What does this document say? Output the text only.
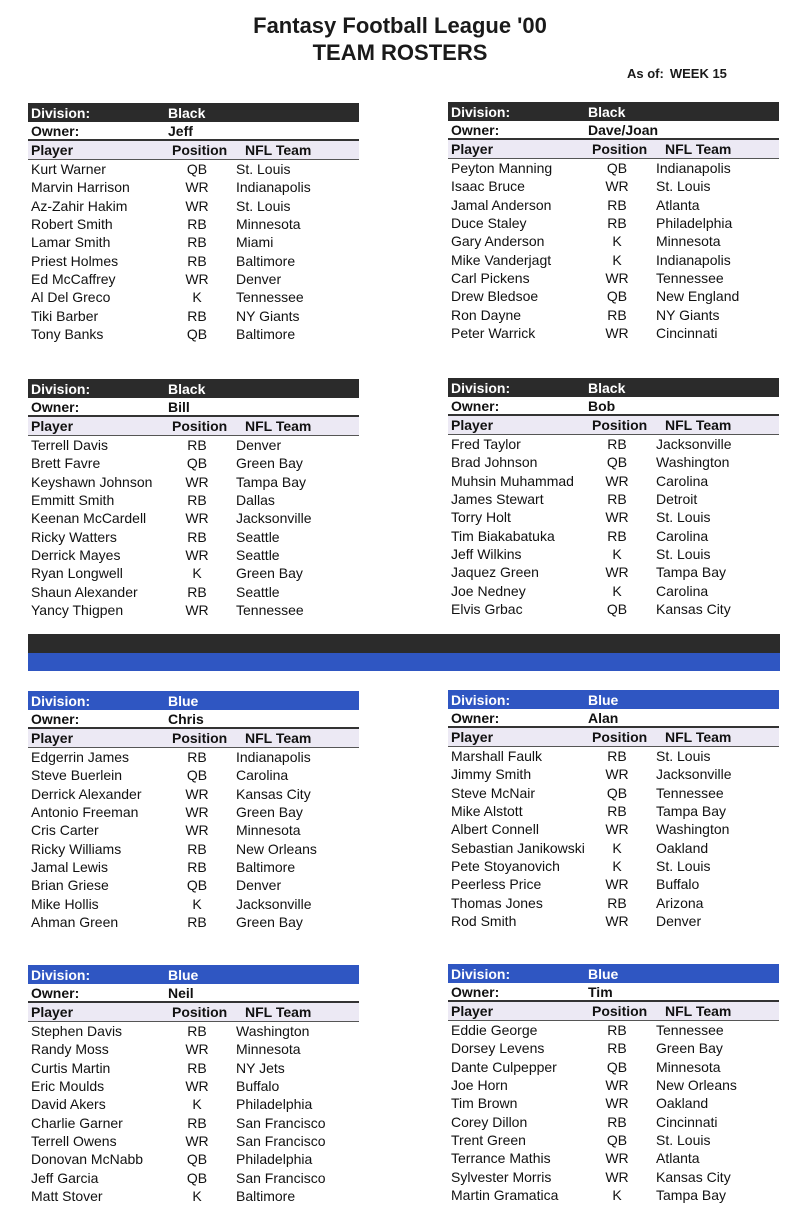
Fantasy Football League '00
TEAM ROSTERS
As of: WEEK 15
Division:	Black
Owner:	Jeff
Player	Position	NFL Team
Kurt Warner	QB	St. Louis
Marvin Harrison	WR	Indianapolis
Az-Zahir Hakim	WR	St. Louis
Robert Smith	RB	Minnesota
Lamar Smith	RB	Miami
Priest Holmes	RB	Baltimore
Ed McCaffrey	WR	Denver
Al Del Greco	K	Tennessee
Tiki Barber	RB	NY Giants
Tony Banks	QB	Baltimore
Division:	Black
Owner:	Dave/Joan
Player	Position	NFL Team
Peyton Manning	QB	Indianapolis
Isaac Bruce	WR	St. Louis
Jamal Anderson	RB	Atlanta
Duce Staley	RB	Philadelphia
Gary Anderson	K	Minnesota
Mike Vanderjagt	K	Indianapolis
Carl Pickens	WR	Tennessee
Drew Bledsoe	QB	New England
Ron Dayne	RB	NY Giants
Peter Warrick	WR	Cincinnati
Division:	Black
Owner:	Bill
Player	Position	NFL Team
Terrell Davis	RB	Denver
Brett Favre	QB	Green Bay
Keyshawn Johnson	WR	Tampa Bay
Emmitt Smith	RB	Dallas
Keenan McCardell	WR	Jacksonville
Ricky Watters	RB	Seattle
Derrick Mayes	WR	Seattle
Ryan Longwell	K	Green Bay
Shaun Alexander	RB	Seattle
Yancy Thigpen	WR	Tennessee
Division:	Black
Owner:	Bob
Player	Position	NFL Team
Fred Taylor	RB	Jacksonville
Brad Johnson	QB	Washington
Muhsin Muhammad	WR	Carolina
James Stewart	RB	Detroit
Torry Holt	WR	St. Louis
Tim Biakabatuka	RB	Carolina
Jeff Wilkins	K	St. Louis
Jaquez Green	WR	Tampa Bay
Joe Nedney	K	Carolina
Elvis Grbac	QB	Kansas City
Division:	Blue
Owner:	Chris
Player	Position	NFL Team
Edgerrin James	RB	Indianapolis
Steve Buerlein	QB	Carolina
Derrick Alexander	WR	Kansas City
Antonio Freeman	WR	Green Bay
Cris Carter	WR	Minnesota
Ricky Williams	RB	New Orleans
Jamal Lewis	RB	Baltimore
Brian Griese	QB	Denver
Mike Hollis	K	Jacksonville
Ahman Green	RB	Green Bay
Division:	Blue
Owner:	Alan
Player	Position	NFL Team
Marshall Faulk	RB	St. Louis
Jimmy Smith	WR	Jacksonville
Steve McNair	QB	Tennessee
Mike Alstott	RB	Tampa Bay
Albert Connell	WR	Washington
Sebastian Janikowski	K	Oakland
Pete Stoyanovich	K	St. Louis
Peerless Price	WR	Buffalo
Thomas Jones	RB	Arizona
Rod Smith	WR	Denver
Division:	Blue
Owner:	Neil
Player	Position	NFL Team
Stephen Davis	RB	Washington
Randy Moss	WR	Minnesota
Curtis Martin	RB	NY Jets
Eric Moulds	WR	Buffalo
David Akers	K	Philadelphia
Charlie Garner	RB	San Francisco
Terrell Owens	WR	San Francisco
Donovan McNabb	QB	Philadelphia
Jeff Garcia	QB	San Francisco
Matt Stover	K	Baltimore
Division:	Blue
Owner:	Tim
Player	Position	NFL Team
Eddie George	RB	Tennessee
Dorsey Levens	RB	Green Bay
Dante Culpepper	QB	Minnesota
Joe Horn	WR	New Orleans
Tim Brown	WR	Oakland
Corey Dillon	RB	Cincinnati
Trent Green	QB	St. Louis
Terrance Mathis	WR	Atlanta
Sylvester Morris	WR	Kansas City
Martin Gramatica	K	Tampa Bay
